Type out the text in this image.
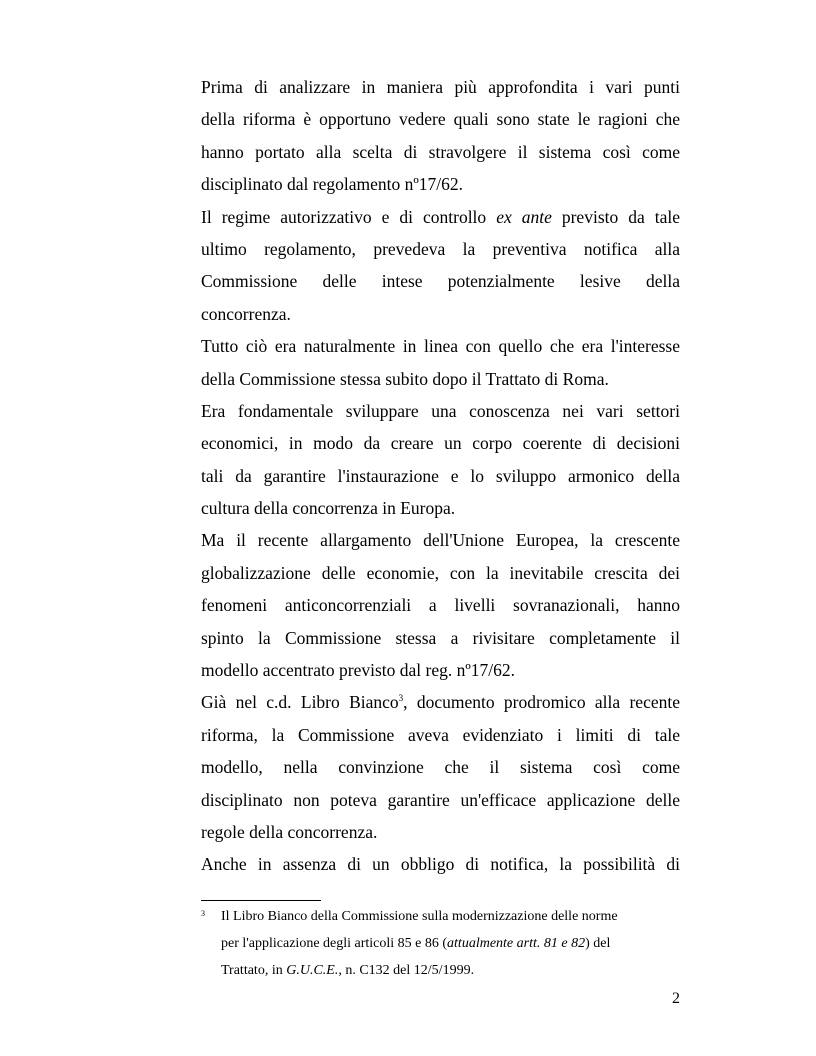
Prima di analizzare in maniera più approfondita i vari punti
della riforma è opportuno vedere quali sono state le ragioni che
hanno portato alla scelta di stravolgere il sistema così come
disciplinato dal regolamento nº17/62.
Il regime autorizzativo e di controllo ex ante previsto da tale
ultimo regolamento, prevedeva la preventiva notifica alla
Commissione delle intese potenzialmente lesive della
concorrenza.
Tutto ciò era naturalmente in linea con quello che era l'interesse
della Commissione stessa subito dopo il Trattato di Roma.
Era fondamentale sviluppare una conoscenza nei vari settori
economici, in modo da creare un corpo coerente di decisioni
tali da garantire l'instaurazione e lo sviluppo armonico della
cultura della concorrenza in Europa.
Ma il recente allargamento dell'Unione Europea, la crescente
globalizzazione delle economie, con la inevitabile crescita dei
fenomeni anticoncorrenziali a livelli sovranazionali, hanno
spinto la Commissione stessa a rivisitare completamente il
modello accentrato previsto dal reg. nº17/62.
Già nel c.d. Libro Bianco$^3$, documento prodromico alla recente
riforma, la Commissione aveva evidenziato i limiti di tale
modello, nella convinzione che il sistema così come
disciplinato non poteva garantire un'efficace applicazione delle
regole della concorrenza.
Anche in assenza di un obbligo di notifica, la possibilità di
3 Il Libro Bianco della Commissione sulla modernizzazione delle norme
per l'applicazione degli articoli 85 e 86 (attualmente artt. 81 e 82) del
Trattato, in G.U.C.E., n. C132 del 12/5/1999.
2
